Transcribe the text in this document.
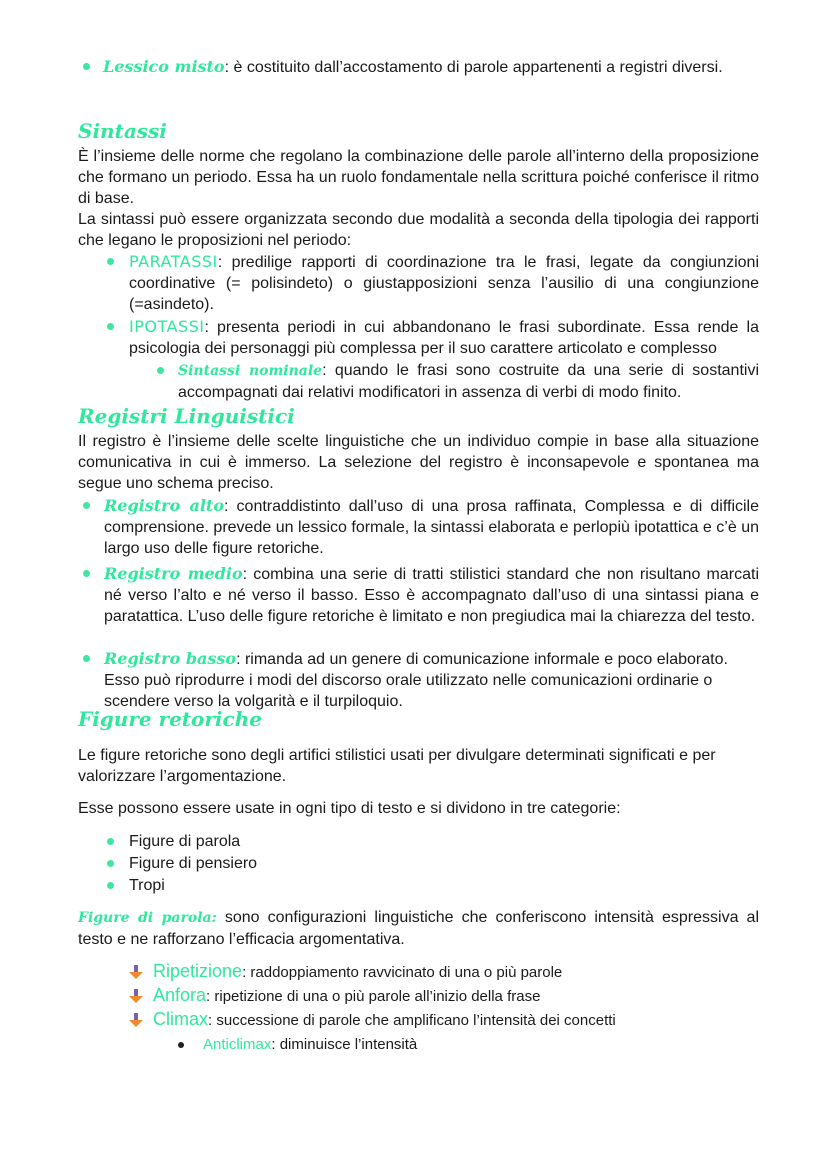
Lessico misto: è costituito dall’accostamento di parole appartenenti a registri diversi.
Sintassi
È l’insieme delle norme che regolano la combinazione delle parole all’interno della proposizione che formano un periodo. Essa ha un ruolo fondamentale nella scrittura poiché conferisce il ritmo di base.
La sintassi può essere organizzata secondo due modalità a seconda della tipologia dei rapporti che legano le proposizioni nel periodo:
PARATASSI: predilige rapporti di coordinazione tra le frasi, legate da congiunzioni coordinative (= polisindeto) o giustapposizioni senza l’ausilio di una congiunzione (=asindeto).
IPOTASSI: presenta periodi in cui abbandonano le frasi subordinate. Essa rende la psicologia dei personaggi più complessa per il suo carattere articolato e complesso
Sintassi nominale: quando le frasi sono costruite da una serie di sostantivi accompagnati dai relativi modificatori in assenza di verbi di modo finito.
Registri Linguistici
Il registro è l’insieme delle scelte linguistiche che un individuo compie in base alla situazione comunicativa in cui è immerso. La selezione del registro è inconsapevole e spontanea ma segue uno schema preciso.
Registro alto: contraddistinto dall’uso di una prosa raffinata, Complessa e di difficile comprensione. prevede un lessico formale, la sintassi elaborata e perlopiù ipotattica e c’è un largo uso delle figure retoriche.
Registro medio: combina una serie di tratti stilistici standard che non risultano marcati né verso l’alto e né verso il basso. Esso è accompagnato dall’uso di una sintassi piana e paratattica. L’uso delle figure retoriche è limitato e non pregiudica mai la chiarezza del testo.
Registro basso: rimanda ad un genere di comunicazione informale e poco elaborato. Esso può riprodurre i modi del discorso orale utilizzato nelle comunicazioni ordinarie o scendere verso la volgarità e il turpiloquio.
Figure retoriche
Le figure retoriche sono degli artifici stilistici usati per divulgare determinati significati e per valorizzare l’argomentazione.
Esse possono essere usate in ogni tipo di testo e si dividono in tre categorie:
Figure di parola
Figure di pensiero
Tropi
Figure di parola: sono configurazioni linguistiche che conferiscono intensità espressiva al testo e ne rafforzano l’efficacia argomentativa.
Ripetizione: raddoppiamento ravvicinato di una o più parole
Anfora: ripetizione di una o più parole all’inizio della frase
Climax: successione di parole che amplificano l’intensità dei concetti
Anticlimax: diminuisce l’intensità
